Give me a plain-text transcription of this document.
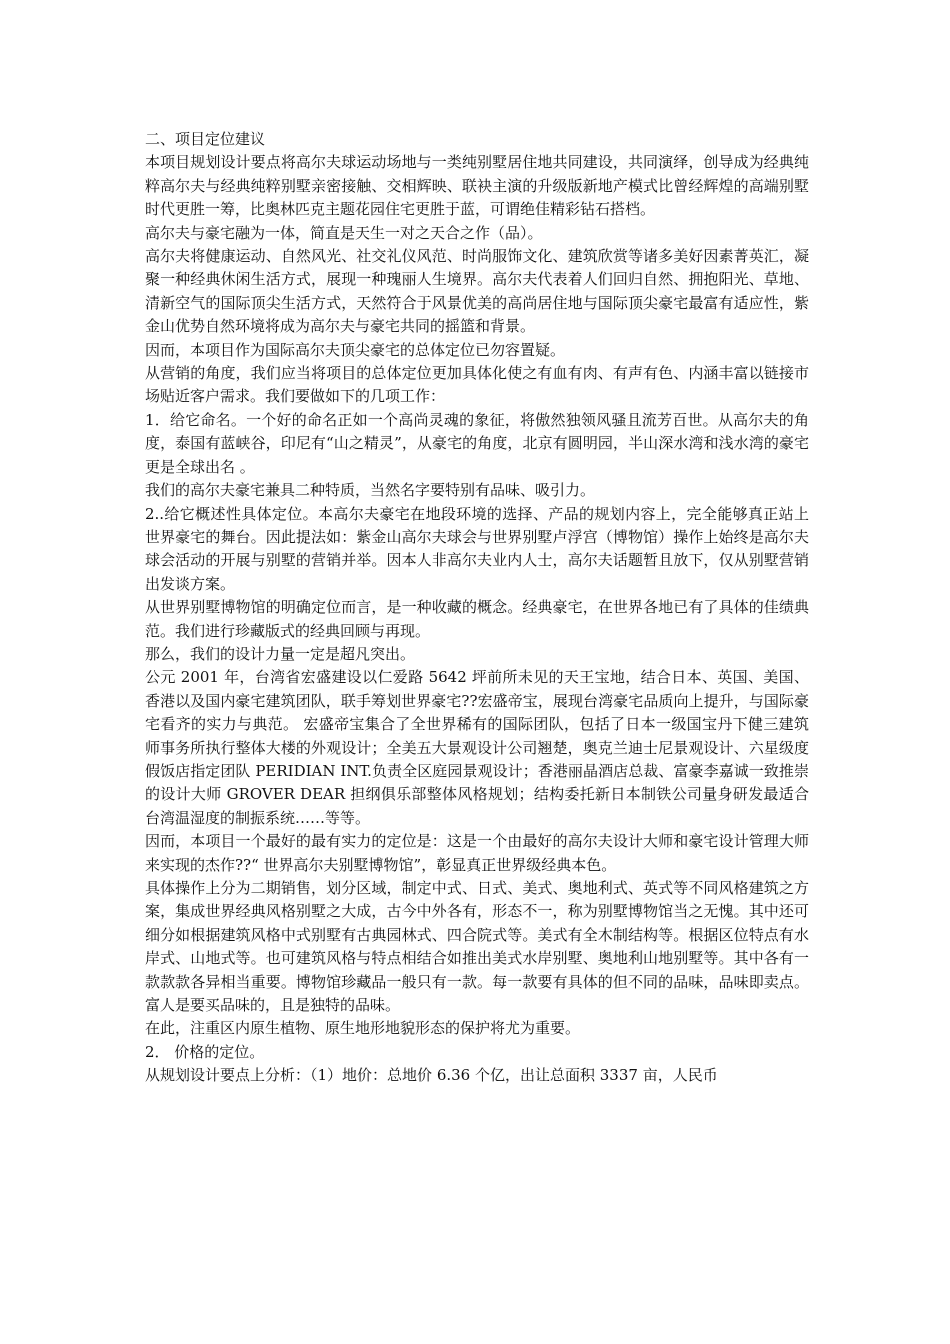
二、项目定位建议

本项目规划设计要点将高尔夫球运动场地与一类纯别墅居住地共同建设，共同演绎，创导成为经典纯粹高尔夫与经典纯粹别墅亲密接触、交相辉映、联袂主演的升级版新地产模式比曾经辉煌的高端别墅时代更胜一筹，比奥林匹克主题花园住宅更胜于蓝，可谓绝佳精彩钻石搭档。

高尔夫与豪宅融为一体，简直是天生一对之天合之作（品）。

高尔夫将健康运动、自然风光、社交礼仪风范、时尚服饰文化、建筑欣赏等诸多美好因素菁英汇，凝聚一种经典休闲生活方式，展现一种瑰丽人生境界。高尔夫代表着人们回归自然、拥抱阳光、草地、清新空气的国际顶尖生活方式，天然符合于风景优美的高尚居住地与国际顶尖豪宅最富有适应性，紫金山优势自然环境将成为高尔夫与豪宅共同的摇篮和背景。

因而，本项目作为国际高尔夫顶尖豪宅的总体定位已勿容置疑。

从营销的角度，我们应当将项目的总体定位更加具体化使之有血有肉、有声有色、内涵丰富以链接市场贴近客户需求。我们要做如下的几项工作：

1．给它命名。一个好的命名正如一个高尚灵魂的象征，将傲然独领风骚且流芳百世。从高尔夫的角度，泰国有蓝峡谷，印尼有“山之精灵”，从豪宅的角度，北京有圆明园，半山深水湾和浅水湾的豪宅更是全球出名 。

我们的高尔夫豪宅兼具二种特质，当然名字要特别有品味、吸引力。

2..给它概述性具体定位。本高尔夫豪宅在地段环境的选择、产品的规划内容上，完全能够真正站上世界豪宅的舞台。因此提法如：紫金山高尔夫球会与世界别墅卢浮宫（博物馆）操作上始终是高尔夫球会活动的开展与别墅的营销并举。因本人非高尔夫业内人士，高尔夫话题暂且放下，仅从别墅营销出发谈方案。

从世界别墅博物馆的明确定位而言，是一种收藏的概念。经典豪宅，在世界各地已有了具体的佳绩典范。我们进行珍藏版式的经典回顾与再现。

那么，我们的设计力量一定是超凡突出。

公元 2001 年，台湾省宏盛建设以仁爱路 5642 坪前所未见的天王宝地，结合日本、英国、美国、香港以及国内豪宅建筑团队，联手筹划世界豪宅??宏盛帝宝，展现台湾豪宅品质向上提升，与国际豪宅看齐的实力与典范。 宏盛帝宝集合了全世界稀有的国际团队，包括了日本一级国宝丹下健三建筑师事务所执行整体大楼的外观设计；全美五大景观设计公司翘楚，奥克兰迪士尼景观设计、六星级度假饭店指定团队 PERIDIAN INT.负责全区庭园景观设计；香港丽晶酒店总裁、富豪李嘉诚一致推崇的设计大师 GROVER DEAR 担纲俱乐部整体风格规划；结构委托新日本制铁公司量身研发最适合台湾温湿度的制振系统……等等。

因而，本项目一个最好的最有实力的定位是：这是一个由最好的高尔夫设计大师和豪宅设计管理大师来实现的杰作??“ 世界高尔夫别墅博物馆”，彰显真正世界级经典本色。

具体操作上分为二期销售，划分区域，制定中式、日式、美式、奥地利式、英式等不同风格建筑之方案，集成世界经典风格别墅之大成，古今中外各有，形态不一，称为别墅博物馆当之无愧。其中还可细分如根据建筑风格中式别墅有古典园林式、四合院式等。美式有全木制结构等。根据区位特点有水岸式、山地式等。也可建筑风格与特点相结合如推出美式水岸别墅、奥地利山地别墅等。其中各有一款款款各异相当重要。博物馆珍藏品一般只有一款。每一款要有具体的但不同的品味，品味即卖点。富人是要买品味的，且是独特的品味。

在此，注重区内原生植物、原生地形地貌形态的保护将尤为重要。

2． 价格的定位。

从规划设计要点上分析：（1）地价：总地价 6.36 个亿，出让总面积 3337 亩，人民币
